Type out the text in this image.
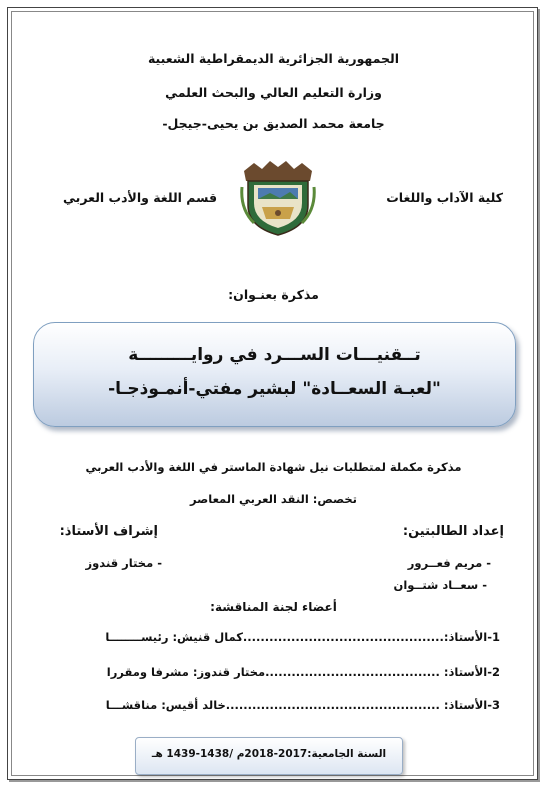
الجمهورية الجزائرية الديمقراطية الشعبية
وزارة التعليم العالي والبحث العلمي
جامعة محمد الصديق بن يحيى-جيجل-
كلية الآداب واللغات
قسم اللغة والأدب العربي
مذكرة بعنـوان:
تــقنيـــات الســـرد في روايـــــــــة
"لعبـة السعــادة" لبشير مفتي-أنمـوذجـا-
مذكرة مكملة لمتطلبات نيل شهادة الماستر في اللغة والأدب العربي
تخصص: النقد العربي المعاصر
إعداد الطالبتين:
إشراف الأستاذ:
- مريم فعــرور
- مختار قندوز
- سعــاد شتــوان
أعضاء لجنة المناقشة:
1-الأستاذ:..............................................كمال قنيش: رئيســــــــا
2-الأستاذ: ........................................مختار قندوز: مشرفا ومقررا
3-الأستاذ: .................................................خالد أقيس: مناقشـــا
السنة الجامعية:2017-2018م /1438-1439 هـ
